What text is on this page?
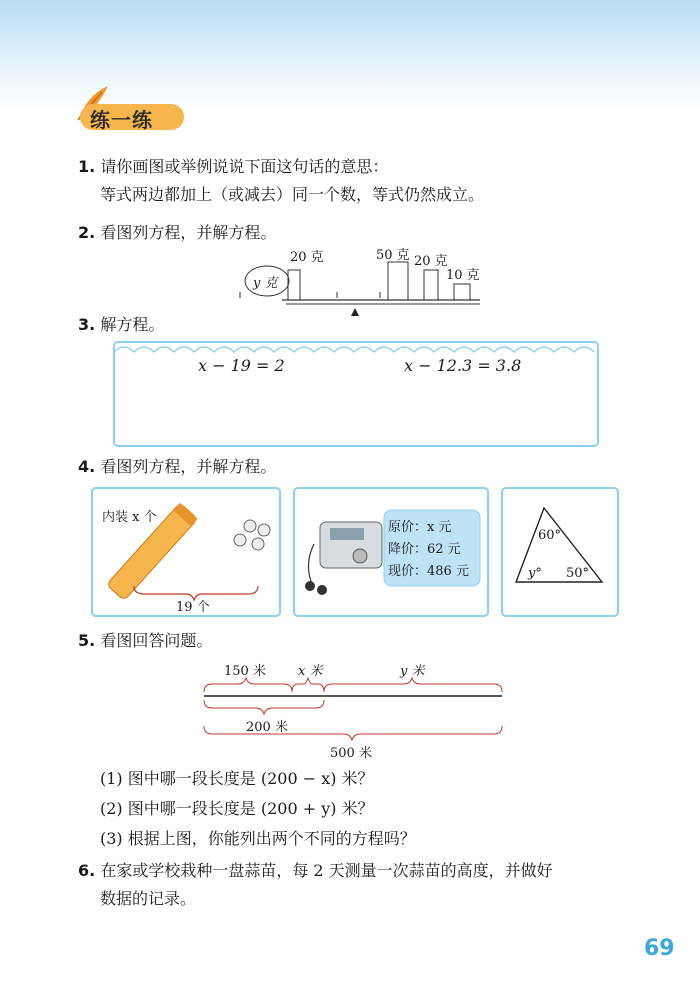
练一练
1. 请你画图或举例说说下面这句话的意思：
等式两边都加上（或减去）同一个数，等式仍然成立。
2. 看图列方程，并解方程。
y 克
20 克	50 克 20 克
10 克
3. 解方程。
x − 19 = 2	x − 12.3 = 3.8
4. 看图列方程，并解方程。
内装 x 个
19 个
原价：x 元
降价：62 元
现价：486 元
60°
y° 50°
5. 看图回答问题。
150 米 x 米	y 米
200 米
500 米
(1) 图中哪一段长度是 (200 − x) 米？
(2) 图中哪一段长度是 (200 + y) 米？
(3) 根据上图，你能列出两个不同的方程吗？
6. 在家或学校栽种一盘蒜苗，每 2 天测量一次蒜苗的高度，并做好
数据的记录。
69
